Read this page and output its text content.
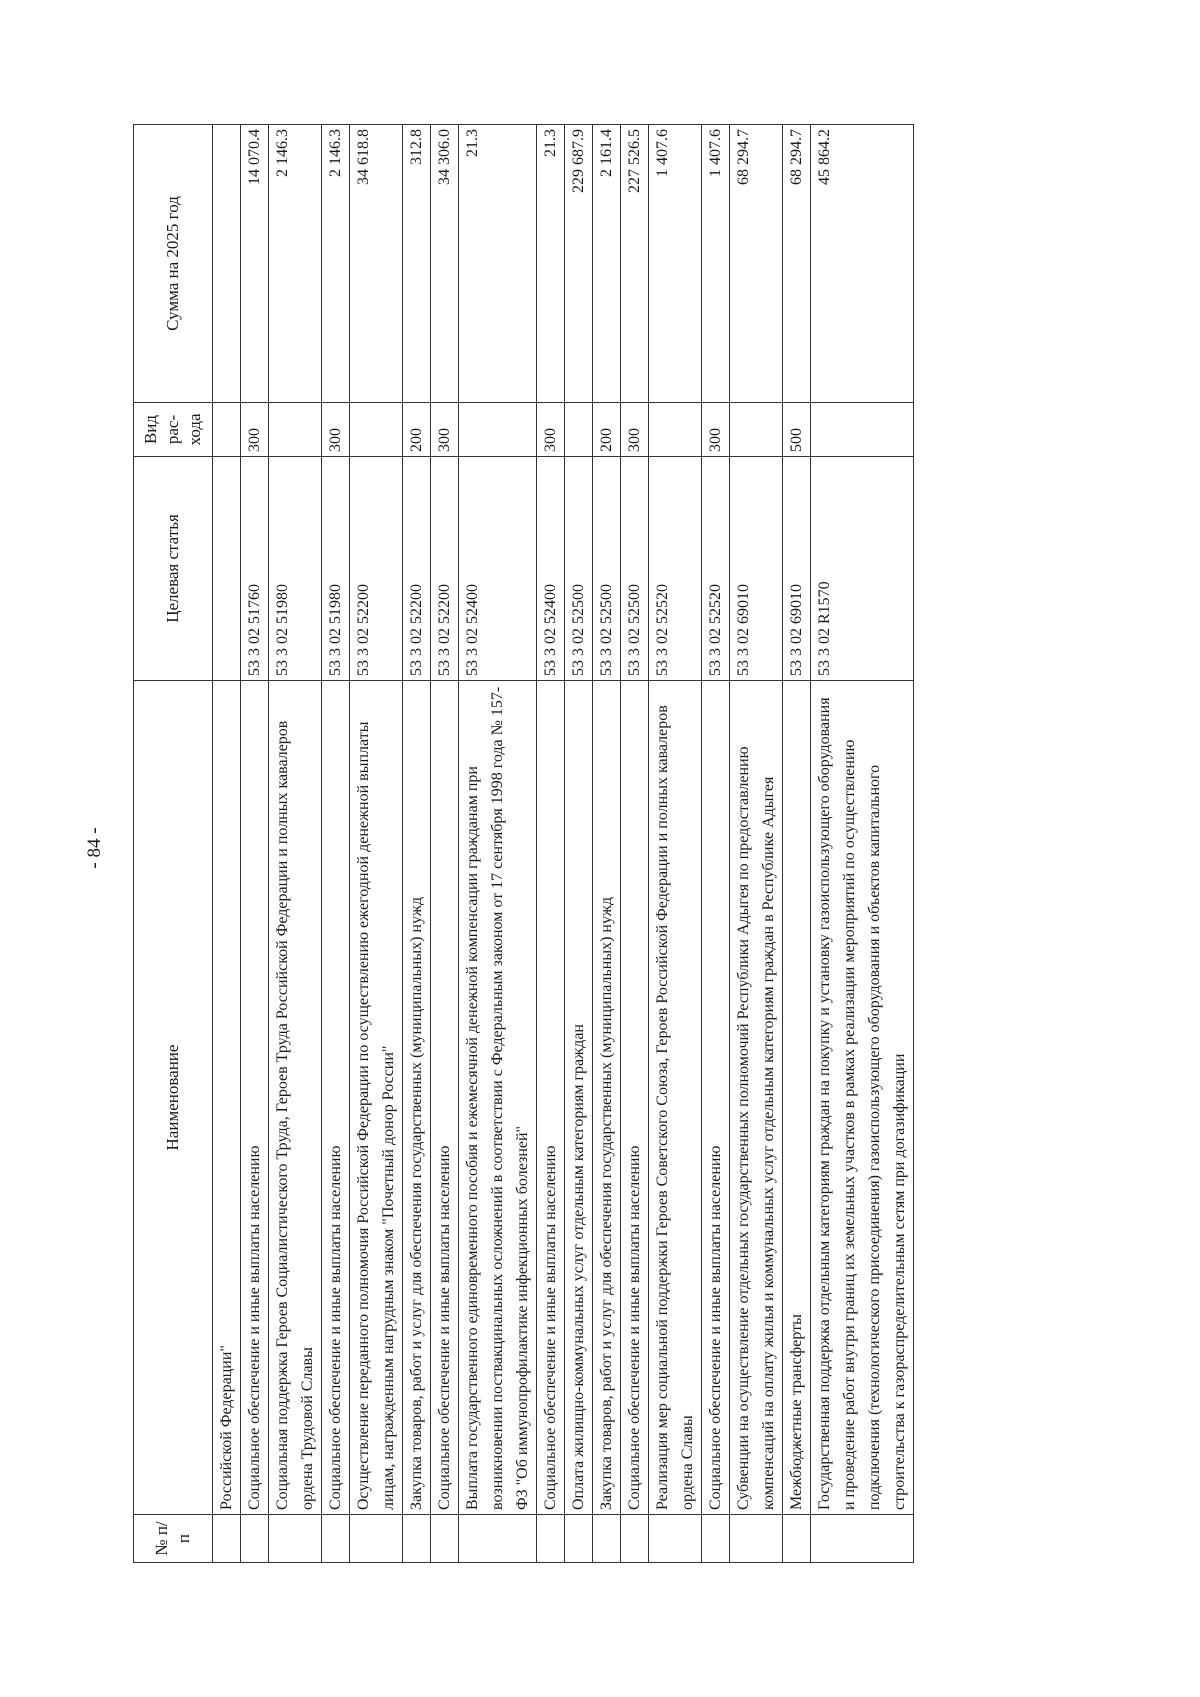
- 84 -
№ п/п	Наименование	Целевая статья	Вид рас- хода	Сумма на 2025 год
	Российской Федерации"			
	Социальное обеспечение и иные выплаты населению	53 3 02 51760	300	14 070.4
	Социальная поддержка Героев Социалистического Труда, Героев Труда Российской Федерации и полных кавалеров ордена Трудовой Славы	53 3 02 51980		2 146.3
	Социальное обеспечение и иные выплаты населению	53 3 02 51980	300	2 146.3
	Осуществление переданного полномочия Российской Федерации по осуществлению ежегодной денежной выплаты лицам, награжденным нагрудным знаком "Почетный донор России"	53 3 02 52200		34 618.8
	Закупка товаров, работ и услуг для обеспечения государственных (муниципальных) нужд	53 3 02 52200	200	312.8
	Социальное обеспечение и иные выплаты населению	53 3 02 52200	300	34 306.0
	Выплата государственного единовременного пособия и ежемесячной денежной компенсации гражданам при возникновении поствакцинальных осложнений в соответствии с Федеральным законом от 17 сентября 1998 года № 157-ФЗ "Об иммунопрофилактике инфекционных болезней"	53 3 02 52400		21.3
	Социальное обеспечение и иные выплаты населению	53 3 02 52400	300	21.3
	Оплата жилищно-коммунальных услуг отдельным категориям граждан	53 3 02 52500		229 687.9
	Закупка товаров, работ и услуг для обеспечения государственных (муниципальных) нужд	53 3 02 52500	200	2 161.4
	Социальное обеспечение и иные выплаты населению	53 3 02 52500	300	227 526.5
	Реализация мер социальной поддержки Героев Советского Союза, Героев Российской Федерации и полных кавалеров ордена Славы	53 3 02 52520		1 407.6
	Социальное обеспечение и иные выплаты населению	53 3 02 52520	300	1 407.6
	Субвенции на осуществление отдельных государственных полномочий Республики Адыгея по предоставлению компенсаций на оплату жилья и коммунальных услуг отдельным категориям граждан в Республике Адыгея	53 3 02 69010		68 294.7
	Межбюджетные трансферты	53 3 02 69010	500	68 294.7
	Государственная поддержка отдельным категориям граждан на покупку и установку газоиспользующего оборудования и проведение работ внутри границ их земельных участков в рамках реализации мероприятий по осуществлению подключения (технологического присоединения) газоиспользующего оборудования и объектов капитального строительства к газораспределительным сетям при догазификации	53 3 02 R1570		45 864.2
